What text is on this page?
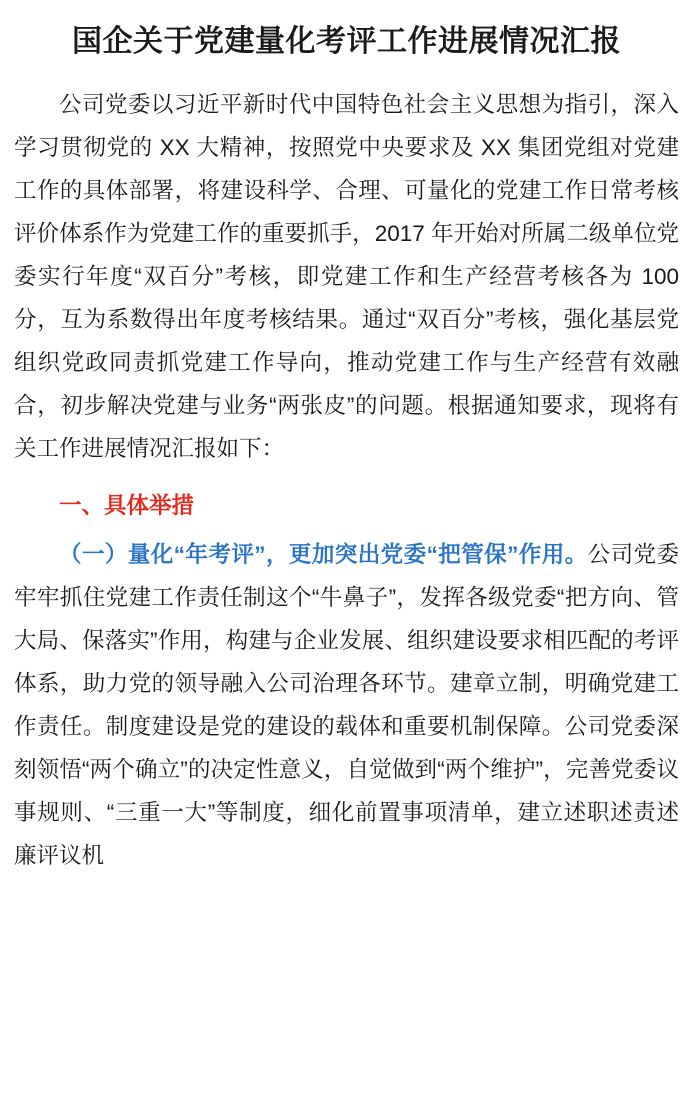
国企关于党建量化考评工作进展情况汇报

公司党委以习近平新时代中国特色社会主义思想为指引，深入学习贯彻党的 XX 大精神，按照党中央要求及 XX 集团党组对党建工作的具体部署，将建设科学、合理、可量化的党建工作日常考核评价体系作为党建工作的重要抓手，2017 年开始对所属二级单位党委实行年度“双百分”考核，即党建工作和生产经营考核各为 100 分，互为系数得出年度考核结果。通过“双百分”考核，强化基层党组织党政同责抓党建工作导向，推动党建工作与生产经营有效融合，初步解决党建与业务“两张皮”的问题。根据通知要求，现将有关工作进展情况汇报如下：

一、具体举措

（一）量化“年考评”，更加突出党委“把管保”作用。公司党委牢牢抓住党建工作责任制这个“牛鼻子”，发挥各级党委“把方向、管大局、保落实”作用，构建与企业发展、组织建设要求相匹配的考评体系，助力党的领导融入公司治理各环节。建章立制，明确党建工作责任。制度建设是党的建设的载体和重要机制保障。公司党委深刻领悟“两个确立”的决定性意义，自觉做到“两个维护”，完善党委议事规则、“三重一大”等制度，细化前置事项清单，建立述职述责述廉评议机
